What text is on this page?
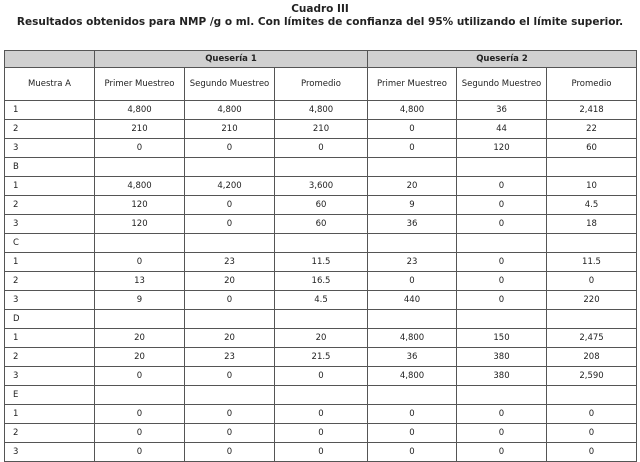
Cuadro III
Resultados obtenidos para NMP /g o ml. Con límites de confianza del 95% utilizando el límite superior.
	Quesería 1			Quesería 2		
Muestra A	Primer Muestreo	Segundo Muestreo	Promedio	Primer Muestreo	Segundo Muestreo	Promedio
1	4,800	4,800	4,800	4,800	36	2,418
2	210	210	210	0	44	22
3	0	0	0	0	120	60
B						
1	4,800	4,200	3,600	20	0	10
2	120	0	60	9	0	4.5
3	120	0	60	36	0	18
C						
1	0	23	11.5	23	0	11.5
2	13	20	16.5	0	0	0
3	9	0	4.5	440	0	220
D						
1	20	20	20	4,800	150	2,475
2	20	23	21.5	36	380	208
3	0	0	0	4,800	380	2,590
E						
1	0	0	0	0	0	0
2	0	0	0	0	0	0
3	0	0	0	0	0	0
